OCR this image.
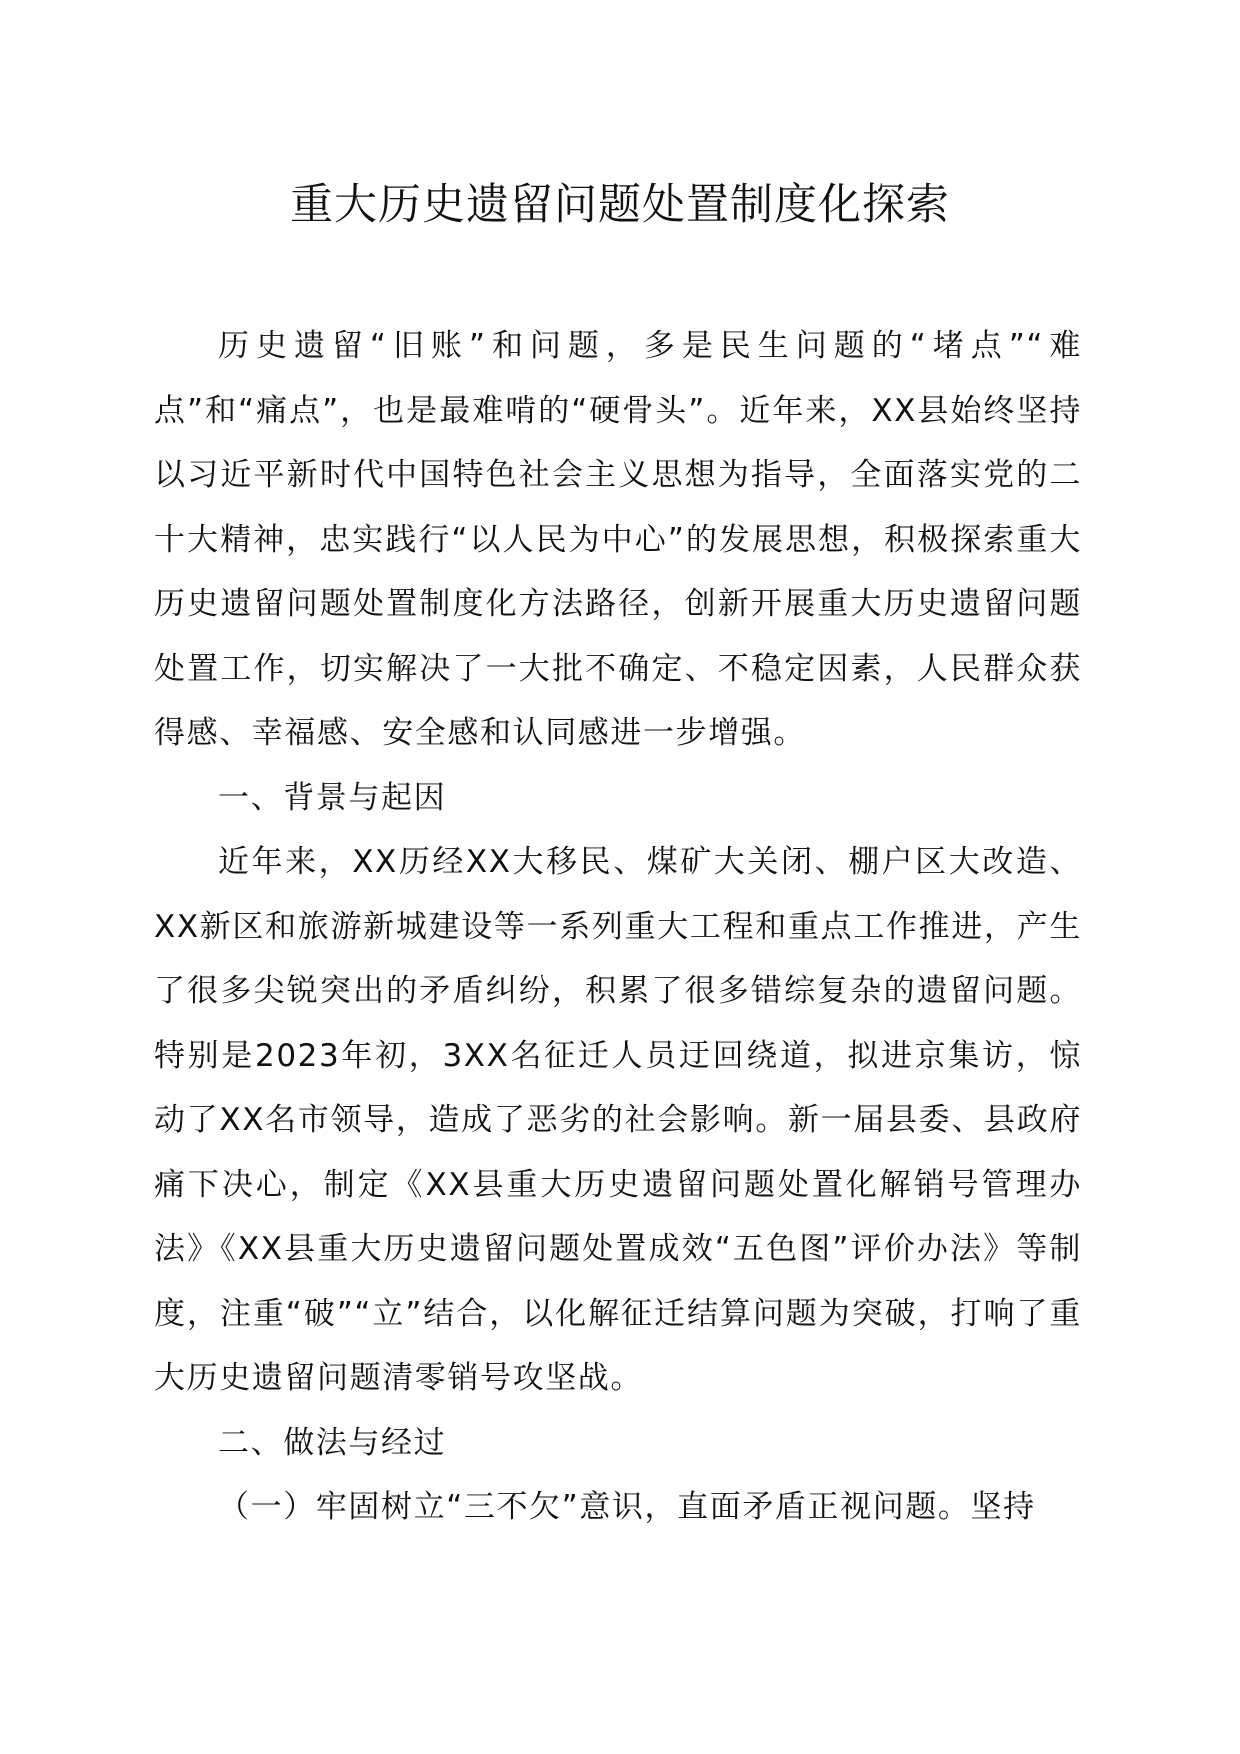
重大历史遗留问题处置制度化探索

历史遗留“旧账”和问题，多是民生问题的“堵点”“难点”和“痛点”，也是最难啃的“硬骨头”。近年来，XX县始终坚持以习近平新时代中国特色社会主义思想为指导，全面落实党的二十大精神，忠实践行“以人民为中心”的发展思想，积极探索重大历史遗留问题处置制度化方法路径，创新开展重大历史遗留问题处置工作，切实解决了一大批不确定、不稳定因素，人民群众获得感、幸福感、安全感和认同感进一步增强。

一、背景与起因

近年来，XX历经XX大移民、煤矿大关闭、棚户区大改造、XX新区和旅游新城建设等一系列重大工程和重点工作推进，产生了很多尖锐突出的矛盾纠纷，积累了很多错综复杂的遗留问题。特别是2023年初，3XX名征迁人员迂回绕道，拟进京集访，惊动了XX名市领导，造成了恶劣的社会影响。新一届县委、县政府痛下决心，制定《XX县重大历史遗留问题处置化解销号管理办法》《XX县重大历史遗留问题处置成效“五色图”评价办法》等制度，注重“破”“立”结合，以化解征迁结算问题为突破，打响了重大历史遗留问题清零销号攻坚战。

二、做法与经过

（一）牢固树立“三不欠”意识，直面矛盾正视问题。坚持
